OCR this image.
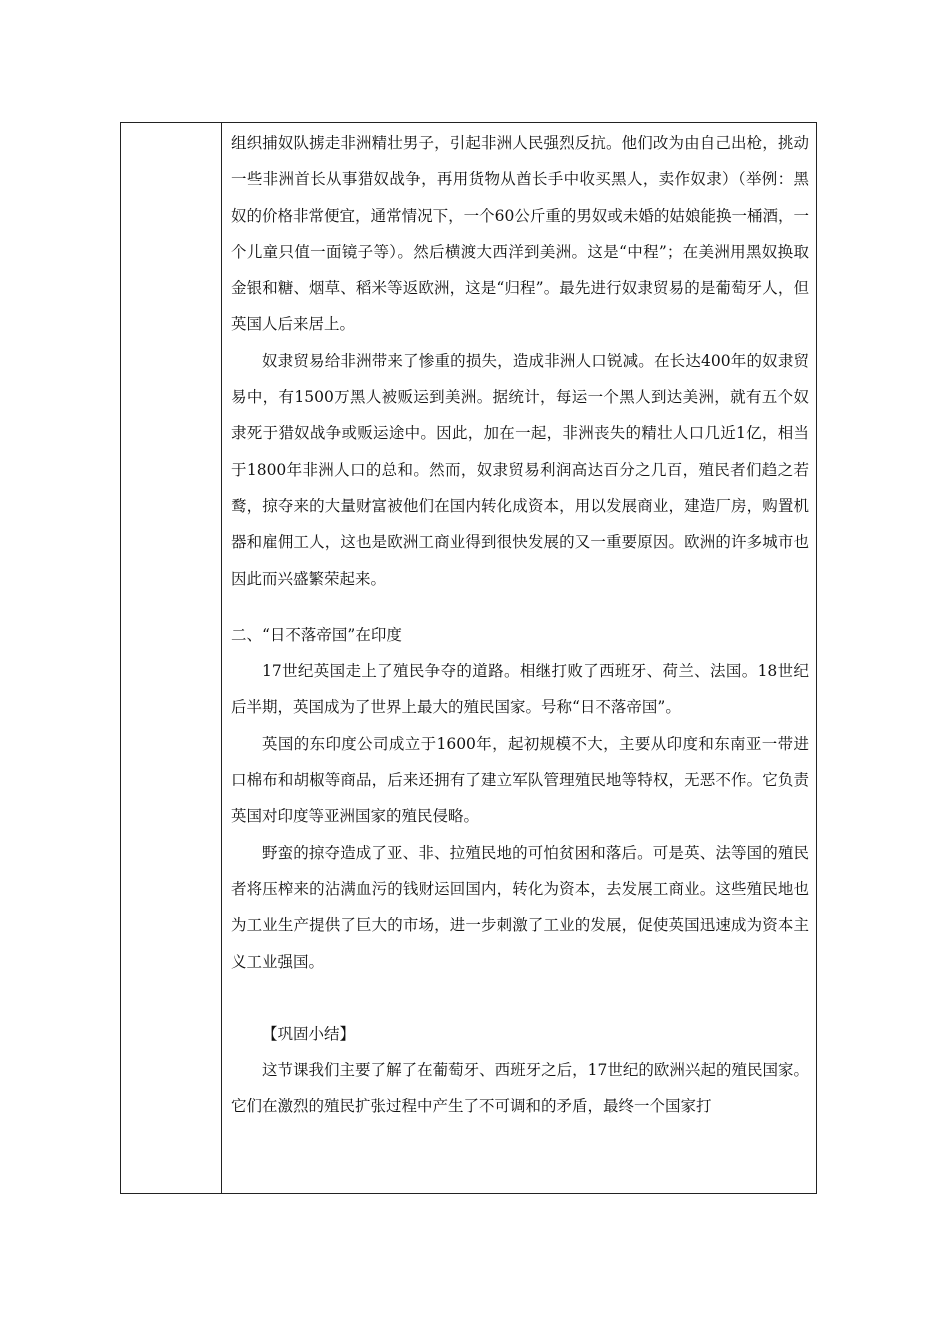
组织捕奴队掳走非洲精壮男子，引起非洲人民强烈反抗。他们改为由自己出枪，挑动一些非洲首长从事猎奴战争，再用货物从酋长手中收买黑人，卖作奴隶）（举例：黑奴的价格非常便宜，通常情况下，一个60公斤重的男奴或未婚的姑娘能换一桶酒，一个儿童只值一面镜子等）。然后横渡大西洋到美洲。这是“中程”；在美洲用黑奴换取金银和糖、烟草、稻米等返欧洲，这是“归程”。最先进行奴隶贸易的是葡萄牙人，但英国人后来居上。

奴隶贸易给非洲带来了惨重的损失，造成非洲人口锐减。在长达400年的奴隶贸易中，有1500万黑人被贩运到美洲。据统计，每运一个黑人到达美洲，就有五个奴隶死于猎奴战争或贩运途中。因此，加在一起，非洲丧失的精壮人口几近1亿，相当于1800年非洲人口的总和。然而，奴隶贸易利润高达百分之几百，殖民者们趋之若鹜，掠夺来的大量财富被他们在国内转化成资本，用以发展商业，建造厂房，购置机器和雇佣工人，这也是欧洲工商业得到很快发展的又一重要原因。欧洲的许多城市也因此而兴盛繁荣起来。

二、“日不落帝国”在印度

17世纪英国走上了殖民争夺的道路。相继打败了西班牙、荷兰、法国。18世纪后半期，英国成为了世界上最大的殖民国家。号称“日不落帝国”。

英国的东印度公司成立于1600年，起初规模不大，主要从印度和东南亚一带进口棉布和胡椒等商品，后来还拥有了建立军队管理殖民地等特权，无恶不作。它负责英国对印度等亚洲国家的殖民侵略。

野蛮的掠夺造成了亚、非、拉殖民地的可怕贫困和落后。可是英、法等国的殖民者将压榨来的沾满血污的钱财运回国内，转化为资本，去发展工商业。这些殖民地也为工业生产提供了巨大的市场，进一步刺激了工业的发展，促使英国迅速成为资本主义工业强国。

【巩固小结】

这节课我们主要了解了在葡萄牙、西班牙之后，17世纪的欧洲兴起的殖民国家。它们在激烈的殖民扩张过程中产生了不可调和的矛盾，最终一个国家打
